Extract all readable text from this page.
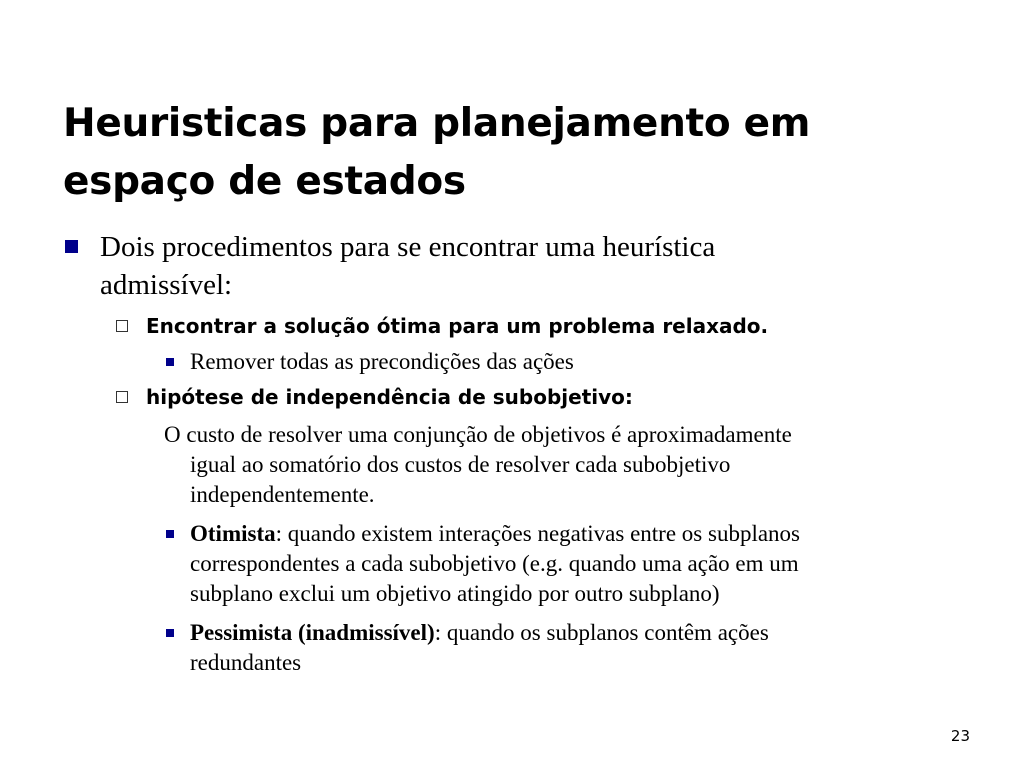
Heuristicas para planejamento em
espaço de estados

Dois procedimentos para se encontrar uma heurística
admissível:

Encontrar a solução ótima para um problema relaxado.

Remover todas as precondições das ações

hipótese de independência de subobjetivo:

O custo de resolver uma conjunção de objetivos é aproximadamente
igual ao somatório dos custos de resolver cada subobjetivo
independentemente.

Otimista: quando existem interações negativas entre os subplanos
correspondentes a cada subobjetivo (e.g. quando uma ação em um
subplano exclui um objetivo atingido por outro subplano)

Pessimista (inadmissível): quando os subplanos contêm ações
redundantes

23
